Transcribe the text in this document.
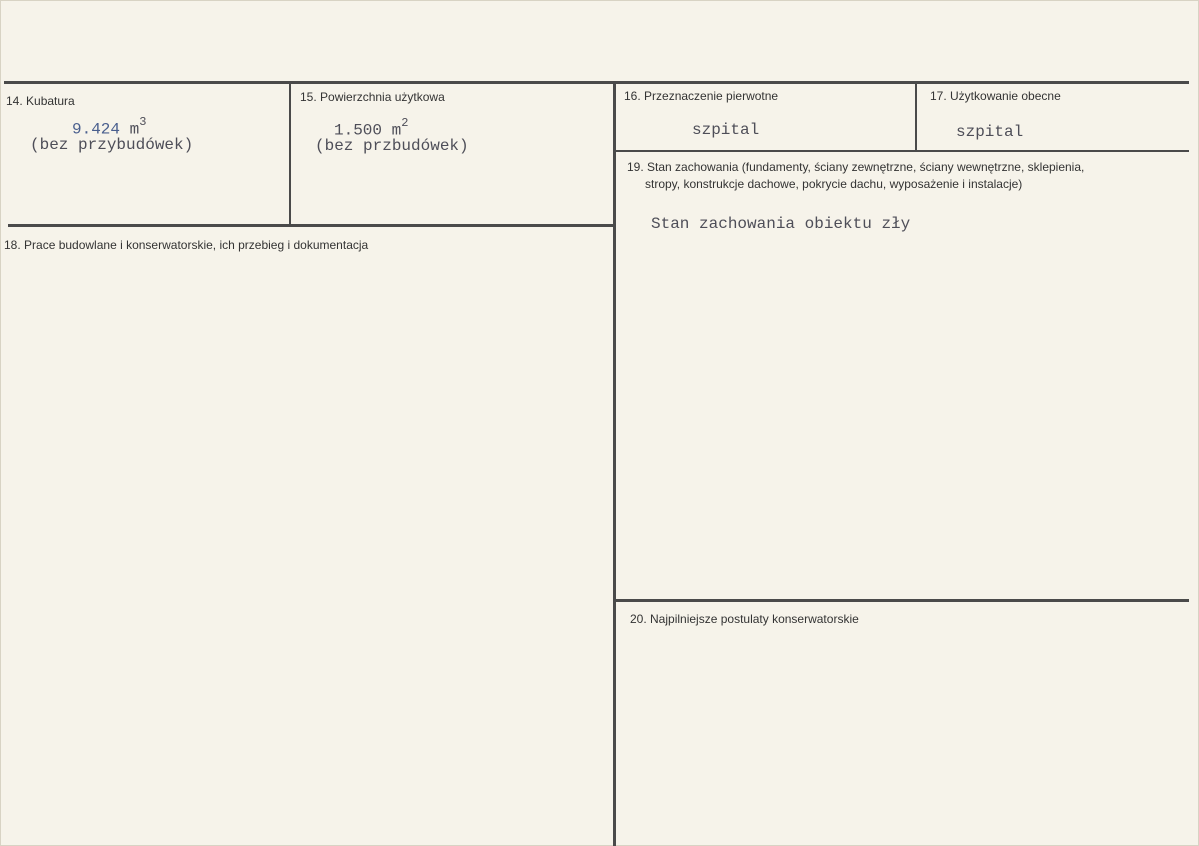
14. Kubatura
9.424 $m^3$
(bez przybudówek)
15. Powierzchnia użytkowa
1.500 $m^2$
(bez przbudówek)
16. Przeznaczenie pierwotne
szpital
17. Użytkowanie obecne
szpital
18. Prace budowlane i konserwatorskie, ich przebieg i dokumentacja
19. Stan zachowania (fundamenty, ściany zewnętrzne, ściany wewnętrzne, sklepienia,
stropy, konstrukcje dachowe, pokrycie dachu, wyposażenie i instalacje)
Stan zachowania obiektu zły
20. Najpilniejsze postulaty konserwatorskie
